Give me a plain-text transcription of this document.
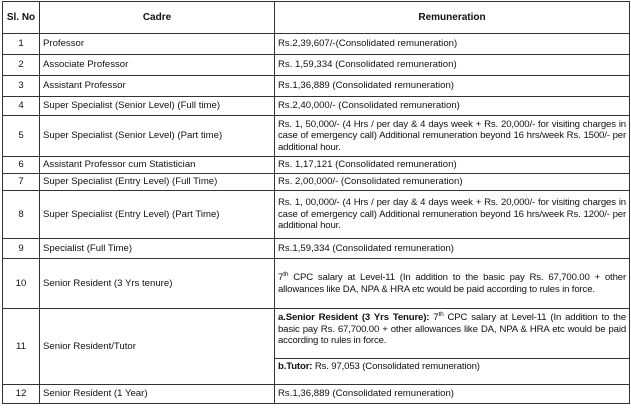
Sl. No	Cadre	Remuneration
1	Professor	Rs.2,39,607/-(Consolidated remuneration)
2	Associate Professor	Rs. 1,59,334 (Consolidated remuneration)
3	Assistant Professor	Rs.1,36,889 (Consolidated remuneration)
4	Super Specialist (Senior Level) (Full time)	Rs.2,40,000/- (Consolidated remuneration)
5	Super Specialist (Senior Level) (Part time)	Rs. 1, 50,000/- (4 Hrs / per day & 4 days week + Rs. 20,000/- for visiting charges in case of emergency call) Additional remuneration beyond 16 hrs/week Rs. 1500/- per additional hour.
6	Assistant Professor cum Statistician	Rs. 1,17,121 (Consolidated remuneration)
7	Super Specialist (Entry Level) (Full Time)	Rs. 2,00,000/- (Consolidated remuneration)
8	Super Specialist (Entry Level) (Part Time)	Rs. 1, 00,000/- (4 Hrs / per day & 4 days week + Rs. 20,000/- for visiting charges in case of emergency call) Additional remuneration beyond 16 hrs/week Rs. 1200/- per additional hour.
9	Specialist (Full Time)	Rs.1,59,334 (Consolidated remuneration)
10	Senior Resident (3 Yrs tenure)	7th CPC salary at Level-11 (In addition to the basic pay Rs. 67,700.00 + other allowances like DA, NPA & HRA etc would be paid according to rules in force.
11	Senior Resident/Tutor	a.Senior Resident (3 Yrs Tenure): 7th CPC salary at Level-11 (In addition to the basic pay Rs. 67,700.00 + other allowances like DA, NPA & HRA etc would be paid according to rules in force.
b.Tutor: Rs. 97,053 (Consolidated remuneration)

12	Senior Resident (1 Year)	Rs.1,36,889 (Consolidated remuneration)
